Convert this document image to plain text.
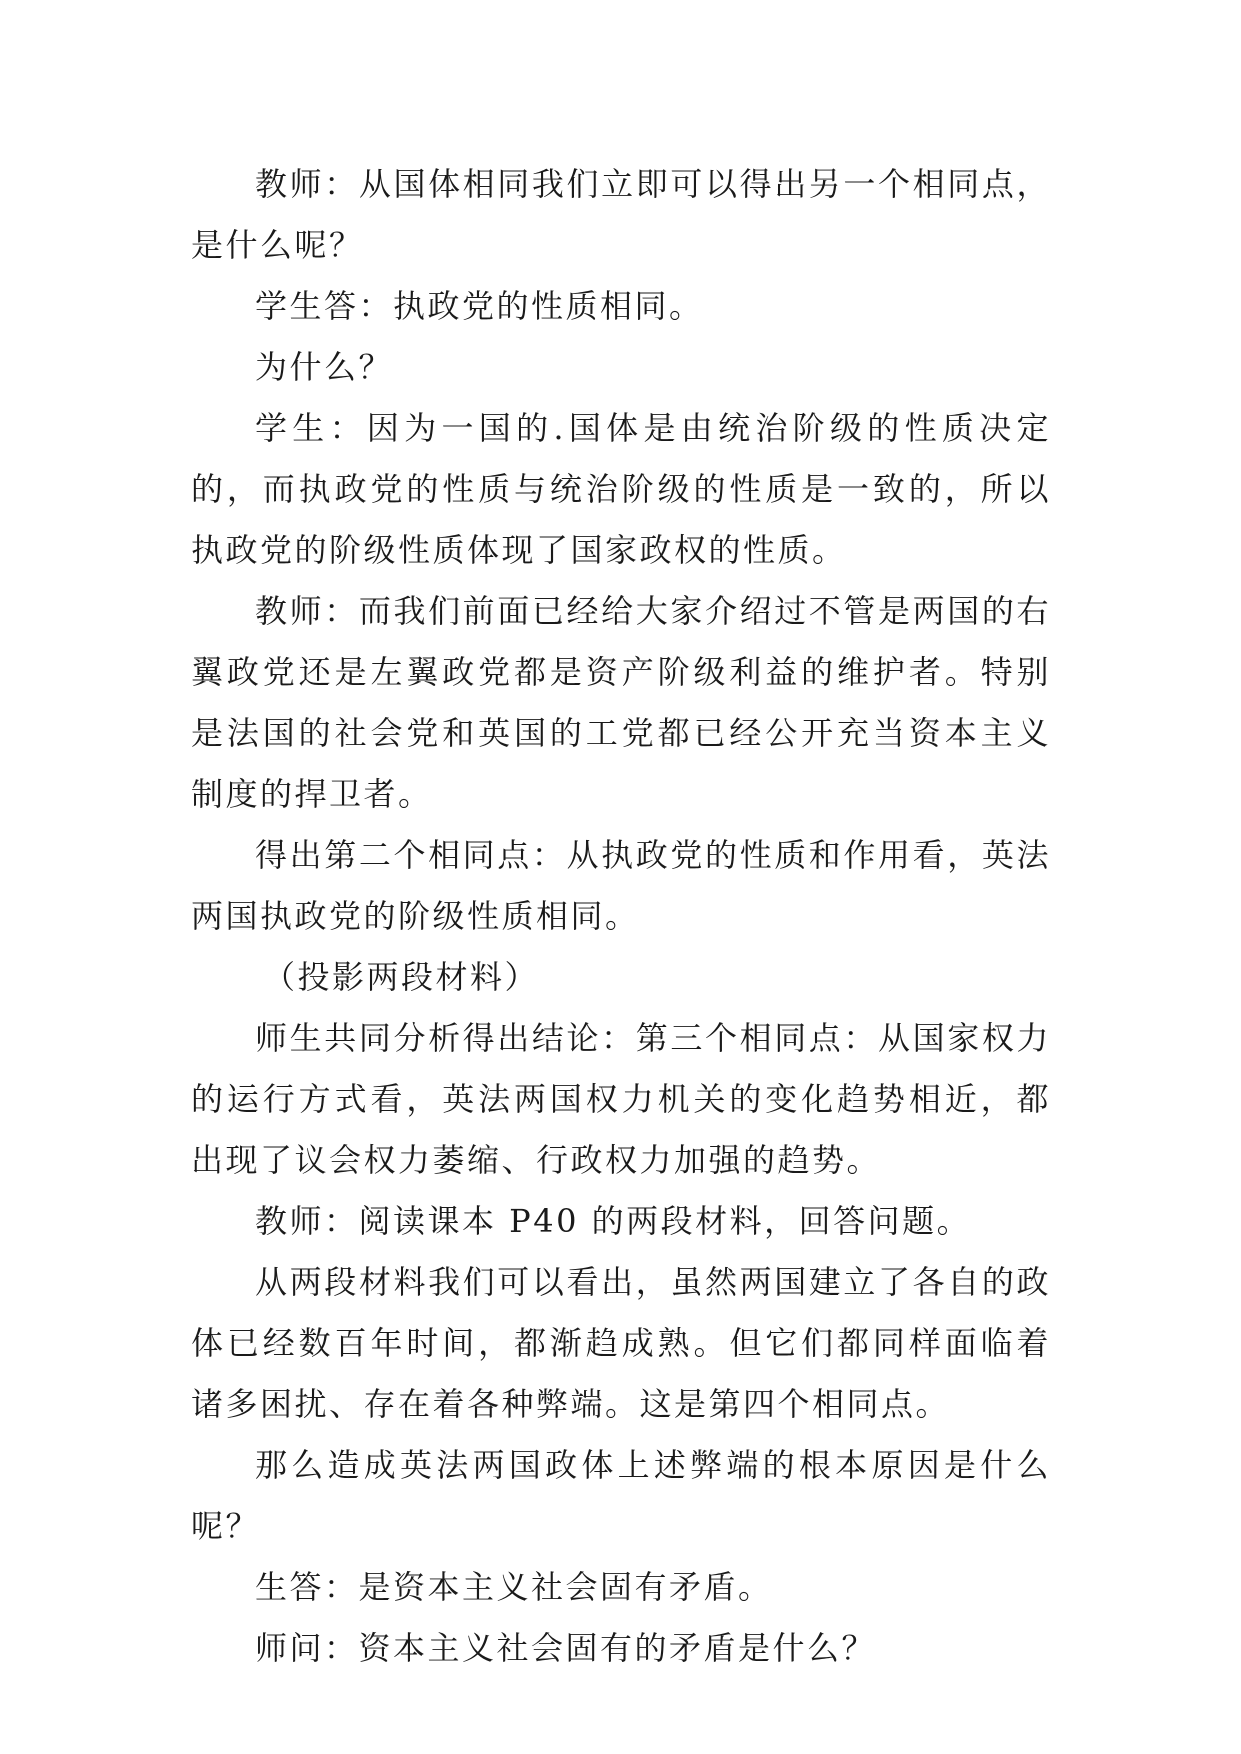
教师：从国体相同我们立即可以得出另一个相同点，是什么呢？

学生答：执政党的性质相同。

为什么？

学生：因为一国的.国体是由统治阶级的性质决定的，而执政党的性质与统治阶级的性质是一致的，所以执政党的阶级性质体现了国家政权的性质。

教师：而我们前面已经给大家介绍过不管是两国的右翼政党还是左翼政党都是资产阶级利益的维护者。特别是法国的社会党和英国的工党都已经公开充当资本主义制度的捍卫者。

得出第二个相同点：从执政党的性质和作用看，英法两国执政党的阶级性质相同。

（投影两段材料）

师生共同分析得出结论：第三个相同点：从国家权力的运行方式看，英法两国权力机关的变化趋势相近，都出现了议会权力萎缩、行政权力加强的趋势。

教师：阅读课本 P40 的两段材料，回答问题。

从两段材料我们可以看出，虽然两国建立了各自的政体已经数百年时间，都渐趋成熟。但它们都同样面临着诸多困扰、存在着各种弊端。这是第四个相同点。

那么造成英法两国政体上述弊端的根本原因是什么呢？

生答：是资本主义社会固有矛盾。

师问：资本主义社会固有的矛盾是什么？
